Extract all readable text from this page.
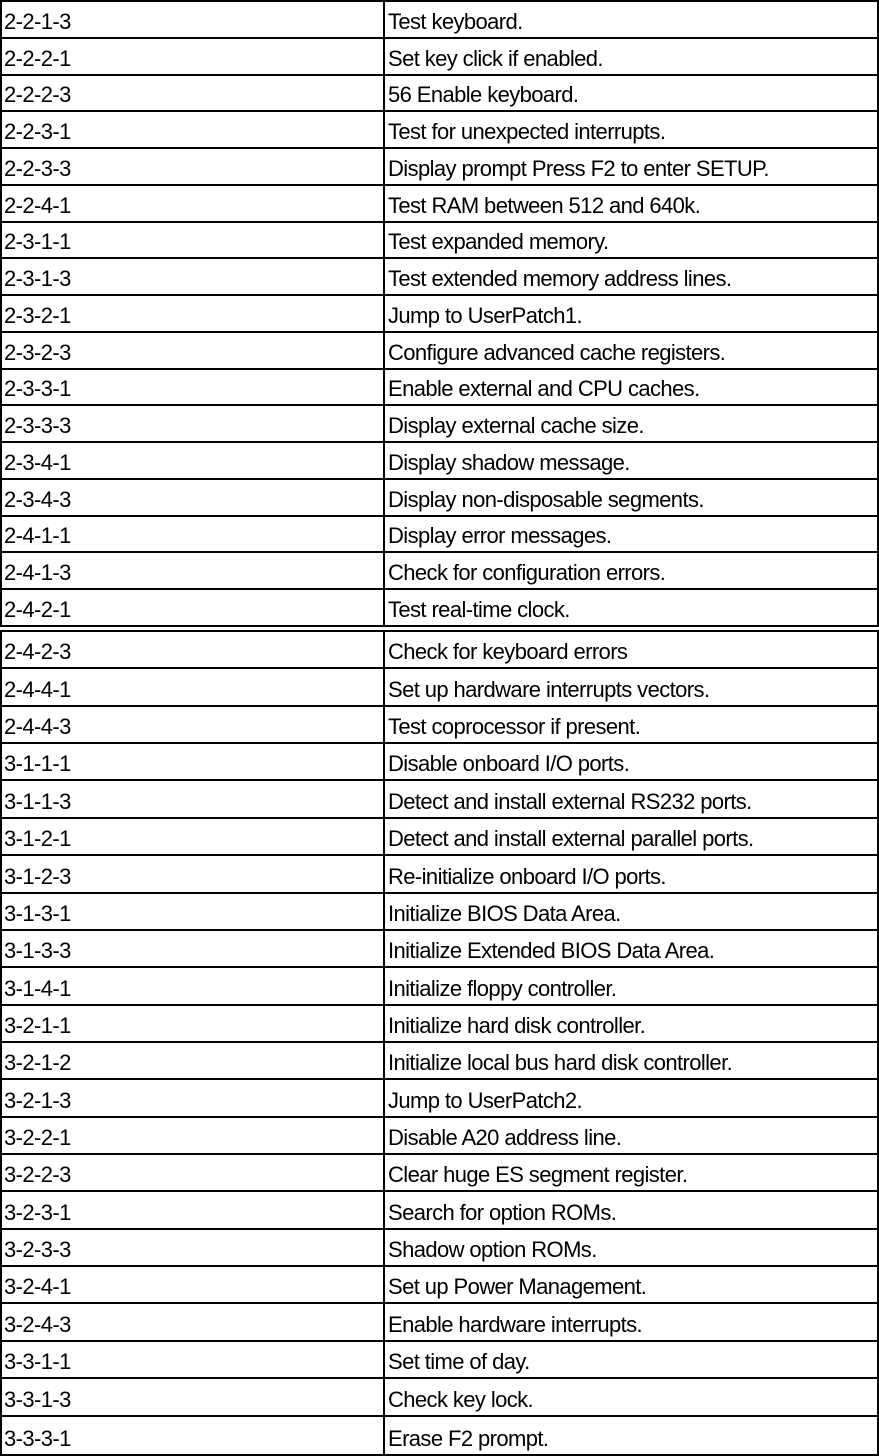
2-2-1-3	Test keyboard.
2-2-2-1	Set key click if enabled.
2-2-2-3	56 Enable keyboard.
2-2-3-1	Test for unexpected interrupts.
2-2-3-3	Display prompt Press F2 to enter SETUP.
2-2-4-1	Test RAM between 512 and 640k.
2-3-1-1	Test expanded memory.
2-3-1-3	Test extended memory address lines.
2-3-2-1	Jump to UserPatch1.
2-3-2-3	Configure advanced cache registers.
2-3-3-1	Enable external and CPU caches.
2-3-3-3	Display external cache size.
2-3-4-1	Display shadow message.
2-3-4-3	Display non-disposable segments.
2-4-1-1	Display error messages.
2-4-1-3	Check for configuration errors.
2-4-2-1	Test real-time clock.
2-4-2-3	Check for keyboard errors
2-4-4-1	Set up hardware interrupts vectors.
2-4-4-3	Test coprocessor if present.
3-1-1-1	Disable onboard I/O ports.
3-1-1-3	Detect and install external RS232 ports.
3-1-2-1	Detect and install external parallel ports.
3-1-2-3	Re-initialize onboard I/O ports.
3-1-3-1	Initialize BIOS Data Area.
3-1-3-3	Initialize Extended BIOS Data Area.
3-1-4-1	Initialize floppy controller.
3-2-1-1	Initialize hard disk controller.
3-2-1-2	Initialize local bus hard disk controller.
3-2-1-3	Jump to UserPatch2.
3-2-2-1	Disable A20 address line.
3-2-2-3	Clear huge ES segment register.
3-2-3-1	Search for option ROMs.
3-2-3-3	Shadow option ROMs.
3-2-4-1	Set up Power Management.
3-2-4-3	Enable hardware interrupts.
3-3-1-1	Set time of day.
3-3-1-3	Check key lock.
3-3-3-1	Erase F2 prompt.
